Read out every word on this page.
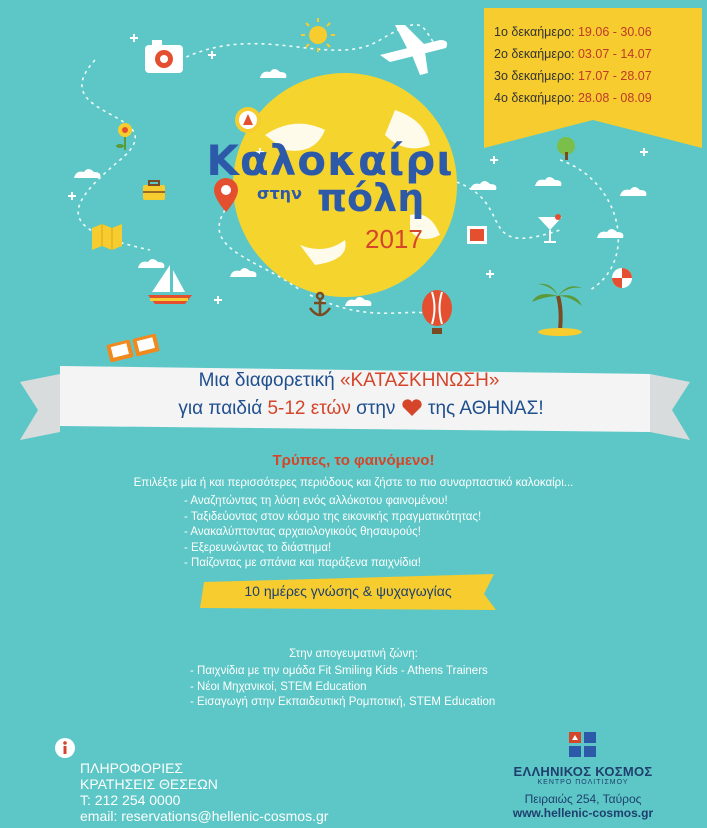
Καλοκαίρι
στην πόλη
2017
1ο δεκαήμερο: 19.06 - 30.06
2ο δεκαήμερο: 03.07 - 14.07
3ο δεκαήμερο: 17.07 - 28.07
4ο δεκαήμερο: 28.08 - 08.09
Μια διαφορετική «ΚΑΤΑΣΚΗΝΩΣΗ»
για παιδιά 5-12 ετών στην  της ΑΘΗΝΑΣ!
Τρύπες, το φαινόμενο!
Επιλέξτε μία ή και περισσότερες περιόδους και ζήστε το πιο συναρπαστικό καλοκαίρι...
- Αναζητώντας τη λύση ενός αλλόκοτου φαινομένου!
- Ταξιδεύοντας στον κόσμο της εικονικής πραγματικότητας!
- Ανακαλύπτοντας αρχαιολογικούς θησαυρούς!
- Εξερευνώντας το διάστημα!
- Παίζοντας με σπάνια και παράξενα παιχνίδια!
10 ημέρες γνώσης & ψυχαγωγίας
Στην απογευματινή ζώνη:
- Παιχνίδια με την ομάδα Fit Smiling Kids - Athens Trainers
- Νέοι Μηχανικοί, STEM Education
- Εισαγωγή στην Εκπαιδευτική Ρομποτική, STEM Education
ΠΛΗΡΟΦΟΡΙΕΣ
ΚΡΑΤΗΣΕΙΣ ΘΕΣΕΩΝ
T: 212 254 0000
email: reservations@hellenic-cosmos.gr
ΕΛΛΗΝΙΚΟΣ ΚΟΣΜΟΣ
ΚΕΝΤΡΟ ΠΟΛΙΤΙΣΜΟΥ
Πειραιώς 254, Ταύρος
www.hellenic-cosmos.gr
